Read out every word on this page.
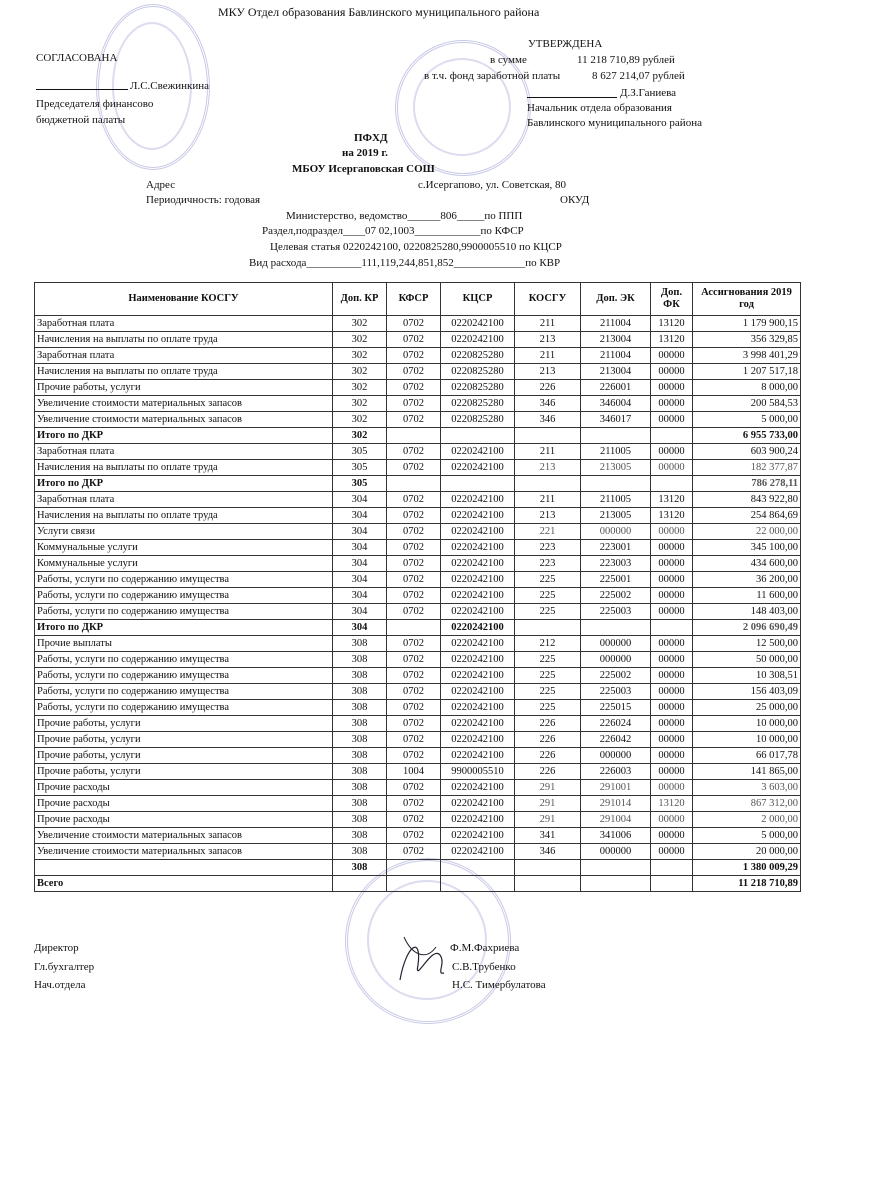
МКУ Отдел образования Бавлинского муниципального района
СОГЛАСОВАНА
Л.С.Свежинкина
Председателя финансово
бюджетной палаты
УТВЕРЖДЕНА
в сумме	11 218 710,89 рублей
в т.ч. фонд заработной платы	8 627 214,07 рублей
Д.З.Ганиева
Начальник отдела образования
Бавлинского муниципального района
ПФХД
на 2019 г.
МБОУ Исергаповская СОШ
Адрес	с.Исергапово, ул. Советская, 80
Периодичность: годовая	ОКУД
Министерство, ведомство______806_____по ППП
Раздел,подраздел____07 02,1003____________по КФСР
Целевая статья 0220242100, 0220825280,9900005510 по КЦСР
Вид расхода__________111,119,244,851,852_____________по КВР
Наименование КОСГУ	Доп. КР	КФСР	КЦСР	КОСГУ	Доп. ЭК	Доп. ФК	Ассигнования 2019 год
Заработная плата	302	0702	0220242100	211	211004	13120	1 179 900,15
Начисления на выплаты по оплате труда	302	0702	0220242100	213	213004	13120	356 329,85
Заработная плата	302	0702	0220825280	211	211004	00000	3 998 401,29
Начисления на выплаты по оплате труда	302	0702	0220825280	213	213004	00000	1 207 517,18
Прочие работы, услуги	302	0702	0220825280	226	226001	00000	8 000,00
Увеличение стоимости материальных запасов	302	0702	0220825280	346	346004	00000	200 584,53
Увеличение стоимости материальных запасов	302	0702	0220825280	346	346017	00000	5 000,00
Итого по ДКР	302						6 955 733,00
Заработная плата	305	0702	0220242100	211	211005	00000	603 900,24
Начисления на выплаты по оплате труда	305	0702	0220242100	213	213005	00000	182 377,87
Итого по ДКР	305						786 278,11
Заработная плата	304	0702	0220242100	211	211005	13120	843 922,80
Начисления на выплаты по оплате труда	304	0702	0220242100	213	213005	13120	254 864,69
Услуги связи	304	0702	0220242100	221	000000	00000	22 000,00
Коммунальные услуги	304	0702	0220242100	223	223001	00000	345 100,00
Коммунальные услуги	304	0702	0220242100	223	223003	00000	434 600,00
Работы, услуги по содержанию имущества	304	0702	0220242100	225	225001	00000	36 200,00
Работы, услуги по содержанию имущества	304	0702	0220242100	225	225002	00000	11 600,00
Работы, услуги по содержанию имущества	304	0702	0220242100	225	225003	00000	148 403,00
Итого по ДКР	304		0220242100				2 096 690,49
Прочие выплаты	308	0702	0220242100	212	000000	00000	12 500,00
Работы, услуги по содержанию имущества	308	0702	0220242100	225	000000	00000	50 000,00
Работы, услуги по содержанию имущества	308	0702	0220242100	225	225002	00000	10 308,51
Работы, услуги по содержанию имущества	308	0702	0220242100	225	225003	00000	156 403,09
Работы, услуги по содержанию имущества	308	0702	0220242100	225	225015	00000	25 000,00
Прочие работы, услуги	308	0702	0220242100	226	226024	00000	10 000,00
Прочие работы, услуги	308	0702	0220242100	226	226042	00000	10 000,00
Прочие работы, услуги	308	0702	0220242100	226	000000	00000	66 017,78
Прочие работы, услуги	308	1004	9900005510	226	226003	00000	141 865,00
Прочие расходы	308	0702	0220242100	291	291001	00000	3 603,00
Прочие расходы	308	0702	0220242100	291	291014	13120	867 312,00
Прочие расходы	308	0702	0220242100	291	291004	00000	2 000,00
Увеличение стоимости материальных запасов	308	0702	0220242100	341	341006	00000	5 000,00
Увеличение стоимости материальных запасов	308	0702	0220242100	346	000000	00000	20 000,00
	308						1 380 009,29
Всего							11 218 710,89
Директор	Ф.М.Фахриева
Гл.бухгалтер	С.В.Трубенко
Нач.отдела	Н.С. Тимербулатова
